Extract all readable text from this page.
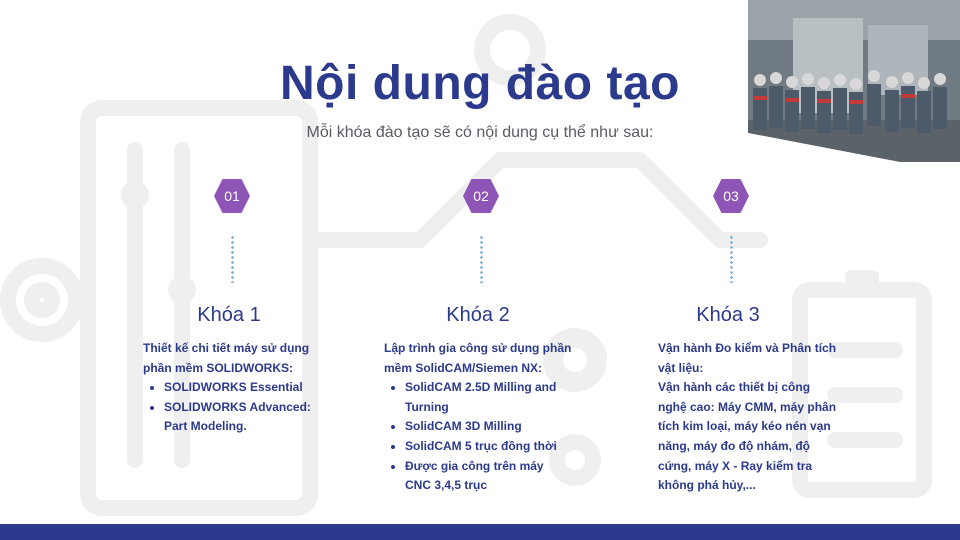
Nội dung đào tạo
Mỗi khóa đào tạo sẽ có nội dung cụ thể như sau:
01	02	03
Khóa 1	Khóa 2	Khóa 3

Thiết kế chi tiết máy sử dụng phần mềm SOLIDWORKS:

• SOLIDWORKS Essential
• SOLIDWORKS Advanced: Part Modeling.

Lập trình gia công sử dụng phần mềm SolidCAM/Siemen NX:

• SolidCAM 2.5D Milling and Turning
• SolidCAM 3D Milling
• SolidCAM 5 trục đồng thời
• Được gia công trên máy CNC 3,4,5 trục

Vận hành Đo kiểm và Phân tích vật liệu:

Vận hành các thiết bị công nghệ cao: Máy CMM, máy phân tích kim loại, máy kéo nén vạn năng, máy đo độ nhám, độ cứng, máy X - Ray kiểm tra không phá hủy,...
